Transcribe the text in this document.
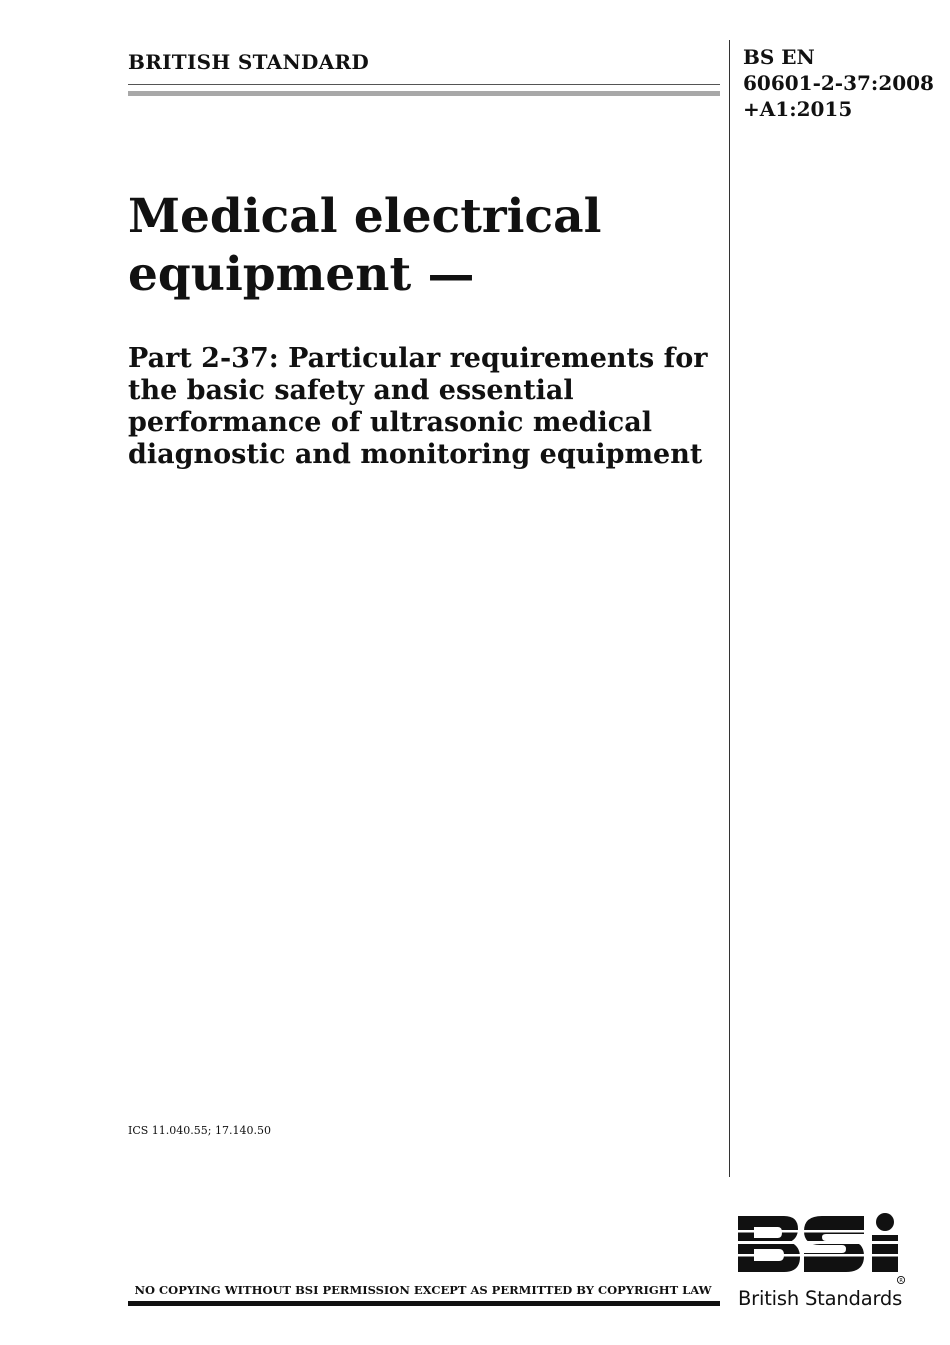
BRITISH STANDARD	BS EN
60601-2-37:2008
+A1:2015
Medical electrical
equipment —
Part 2-37: Particular requirements for
the basic safety and essential
performance of ultrasonic medical
diagnostic and monitoring equipment
ICS 11.040.55; 17.140.50
NO COPYING WITHOUT BSI PERMISSION EXCEPT AS PERMITTED BY COPYRIGHT LAW
R
British Standards
